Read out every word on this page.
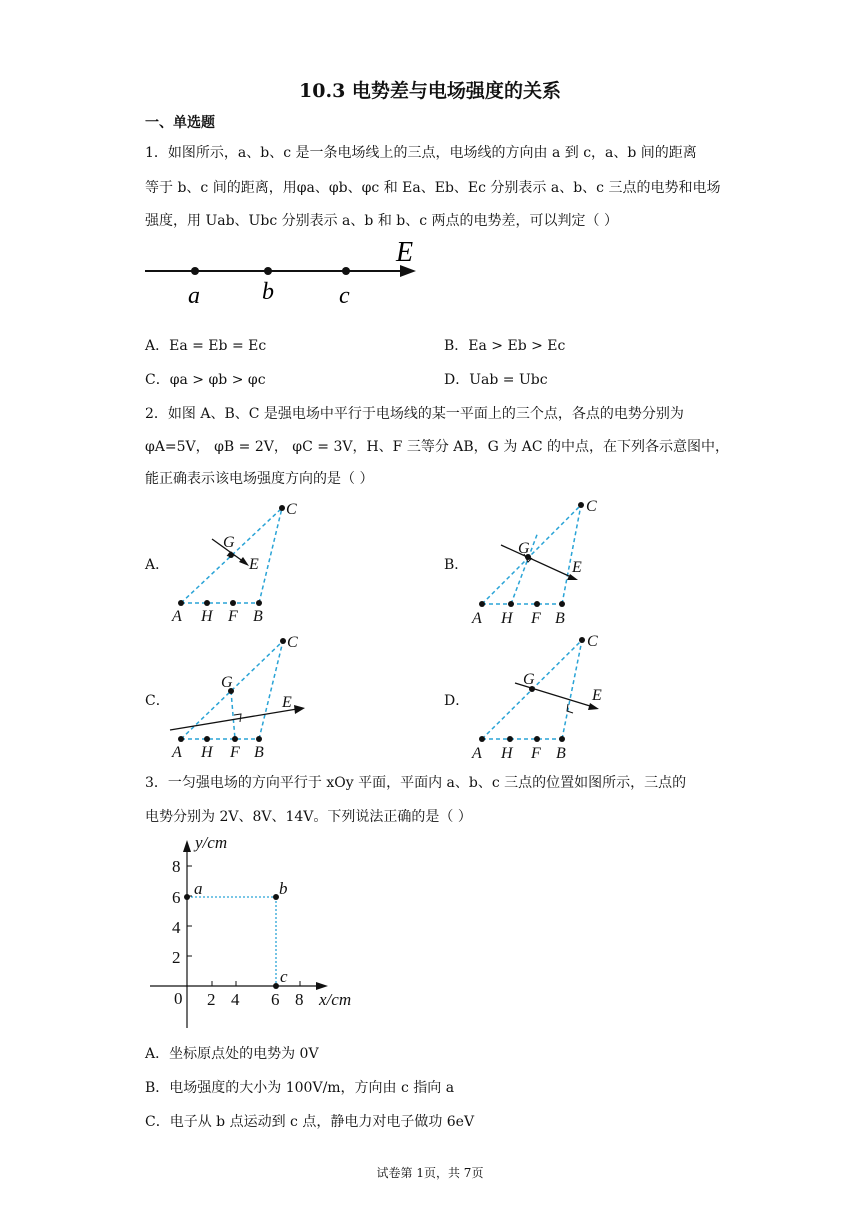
10.3 电势差与电场强度的关系
一、单选题
1．如图所示，a、b、c 是一条电场线上的三点，电场线的方向由 a 到 c，a、b 间的距离
等于 b、c 间的距离，用φa、φb、φc 和 Ea、Eb、Ec 分别表示 a、b、c 三点的电势和电场
强度，用 Uab、Ubc 分别表示 a、b 和 b、c 两点的电势差，可以判定（ ）
a	b	c
E
A．Ea = Eb = Ec	B．Ea > Eb > Ec
C．φa > φb > φc	D．Uab = Ubc
2．如图 A、B、C 是强电场中平行于电场线的某一平面上的三个点，各点的电势分别为
φA=5V， φB = 2V， φC = 3V，H、F 三等分 AB，G 为 AC 的中点，在下列各示意图中，
能正确表示该电场强度方向的是（ ）
A．	B．
C．	D．
A H F B
C
G
E
A H F B
C
G
E
A H F B
C
G
E
A H F B
C
G
E
3．一匀强电场的方向平行于 xOy 平面，平面内 a、b、c 三点的位置如图所示，三点的
电势分别为 2V、8V、14V。下列说法正确的是（ ）
y/cm
x/cm
0
8
6
4
2
2 4 6 8
a	b
c
A．坐标原点处的电势为 0V
B．电场强度的大小为 100V/m，方向由 c 指向 a
C．电子从 b 点运动到 c 点，静电力对电子做功 6eV
试卷第 1页，共 7页
